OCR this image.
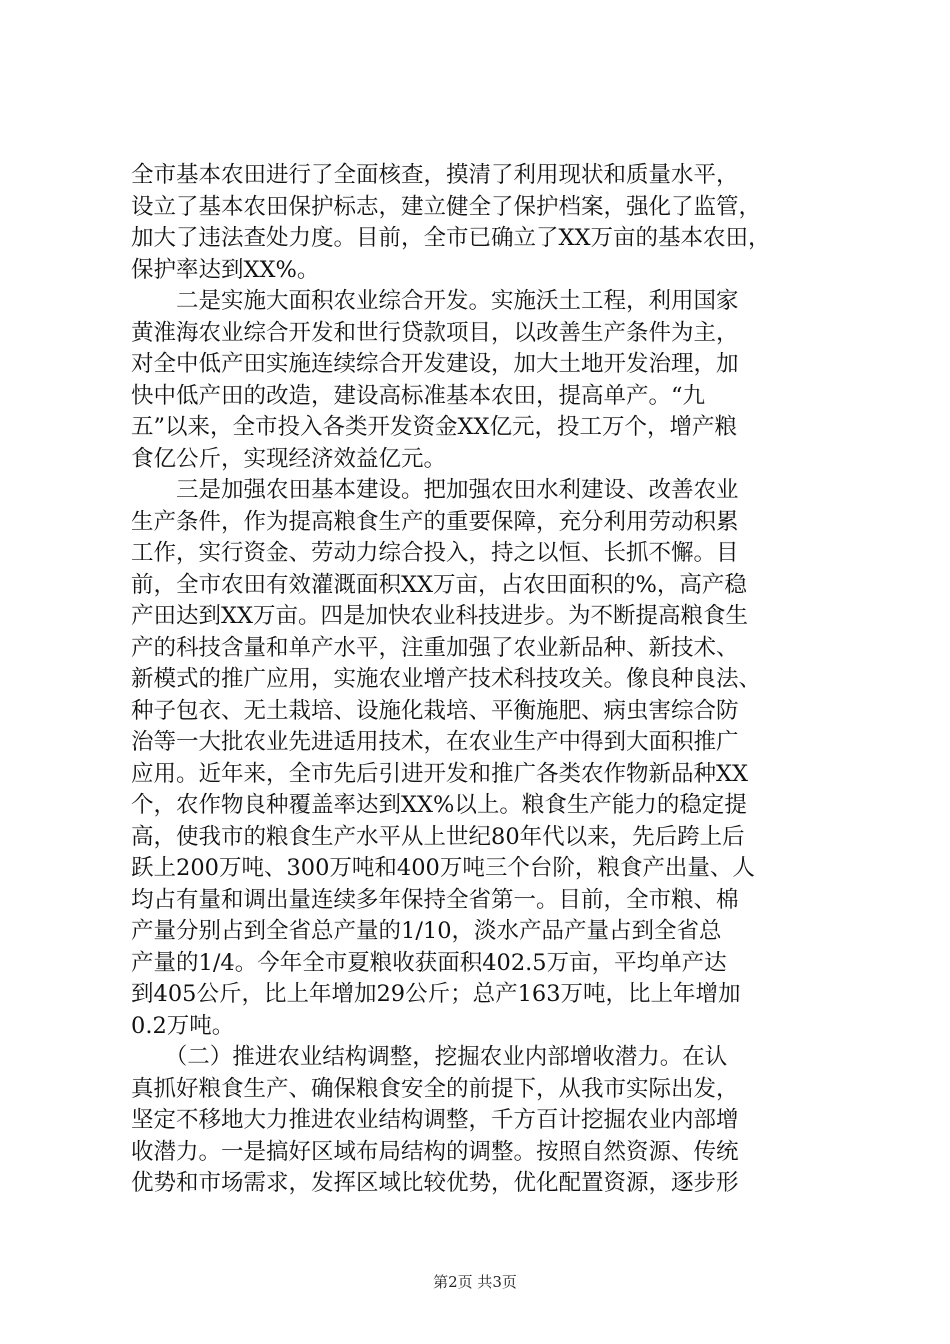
全市基本农田进行了全面核查，摸清了利用现状和质量水平，
设立了基本农田保护标志，建立健全了保护档案，强化了监管，
加大了违法查处力度。目前，全市已确立了XX万亩的基本农田，
保护率达到XX%。
　　二是实施大面积农业综合开发。实施沃土工程，利用国家
黄淮海农业综合开发和世行贷款项目，以改善生产条件为主，
对全中低产田实施连续综合开发建设，加大土地开发治理，加
快中低产田的改造，建设高标准基本农田，提高单产。“九
五”以来，全市投入各类开发资金XX亿元，投工万个，增产粮
食亿公斤，实现经济效益亿元。
　　三是加强农田基本建设。把加强农田水利建设、改善农业
生产条件，作为提高粮食生产的重要保障，充分利用劳动积累
工作，实行资金、劳动力综合投入，持之以恒、长抓不懈。目
前，全市农田有效灌溉面积XX万亩，占农田面积的%，高产稳
产田达到XX万亩。四是加快农业科技进步。为不断提高粮食生
产的科技含量和单产水平，注重加强了农业新品种、新技术、
新模式的推广应用，实施农业增产技术科技攻关。像良种良法、
种子包衣、无土栽培、设施化栽培、平衡施肥、病虫害综合防
治等一大批农业先进适用技术，在农业生产中得到大面积推广
应用。近年来，全市先后引进开发和推广各类农作物新品种XX
个，农作物良种覆盖率达到XX%以上。粮食生产能力的稳定提
高，使我市的粮食生产水平从上世纪80年代以来，先后跨上后
跃上200万吨、300万吨和400万吨三个台阶，粮食产出量、人
均占有量和调出量连续多年保持全省第一。目前，全市粮、棉
产量分别占到全省总产量的1/10，淡水产品产量占到全省总
产量的1/4。今年全市夏粮收获面积402.5万亩，平均单产达
到405公斤，比上年增加29公斤；总产163万吨，比上年增加
0.2万吨。
　　（二）推进农业结构调整，挖掘农业内部增收潜力。在认
真抓好粮食生产、确保粮食安全的前提下，从我市实际出发，
坚定不移地大力推进农业结构调整，千方百计挖掘农业内部增
收潜力。一是搞好区域布局结构的调整。按照自然资源、传统
优势和市场需求，发挥区域比较优势，优化配置资源，逐步形
第2页 共3页
